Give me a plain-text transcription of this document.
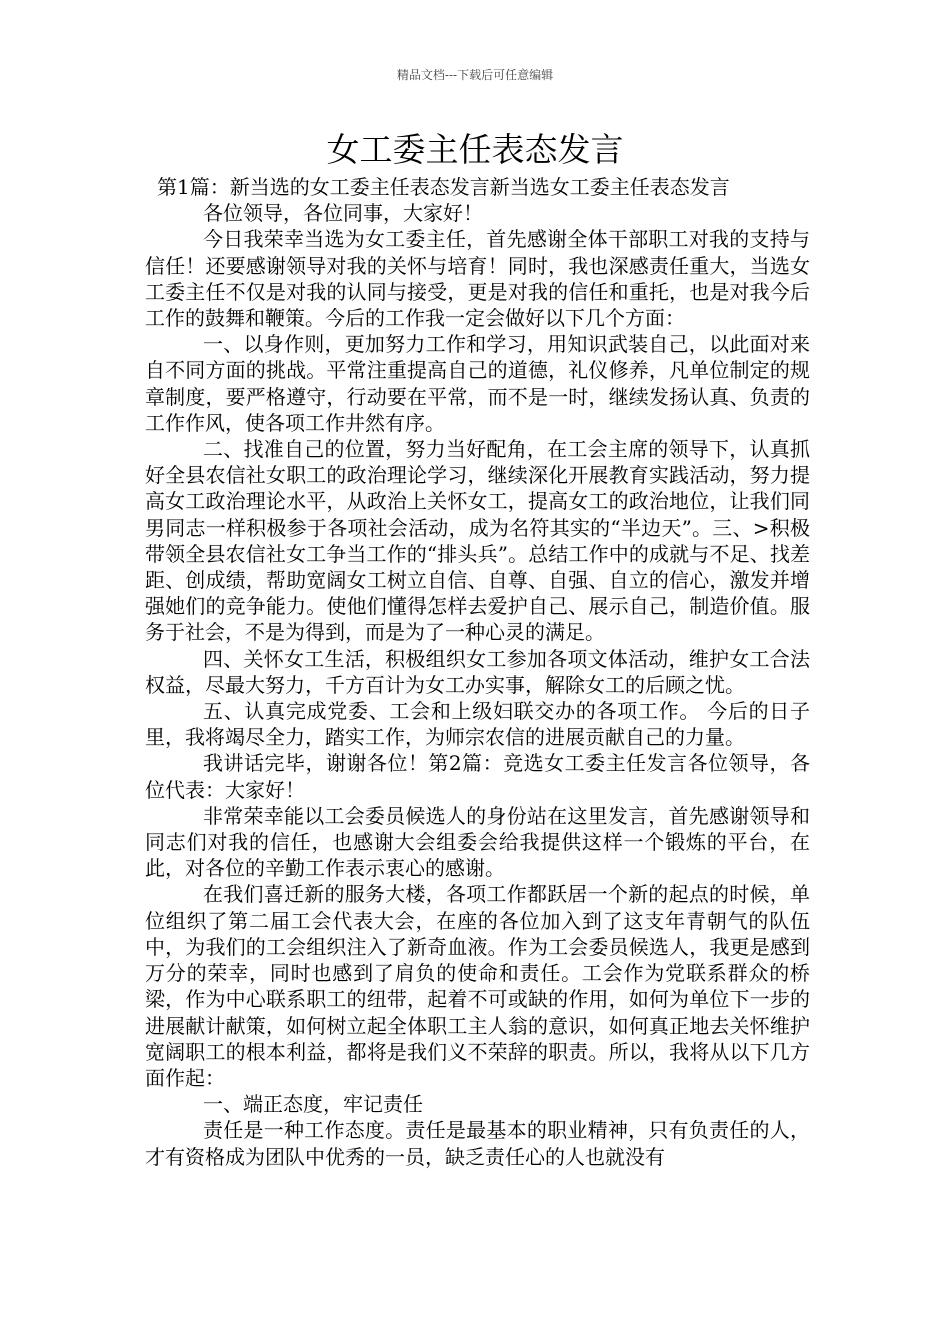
精品文档---下载后可任意编辑
女工委主任表态发言

第1篇：新当选的女工委主任表态发言新当选女工委主任表态发言

各位领导，各位同事，大家好！

今日我荣幸当选为女工委主任，首先感谢全体干部职工对我的支持与信任！还要感谢领导对我的关怀与培育！同时，我也深感责任重大，当选女工委主任不仅是对我的认同与接受，更是对我的信任和重托，也是对我今后工作的鼓舞和鞭策。今后的工作我一定会做好以下几个方面：

一、以身作则，更加努力工作和学习，用知识武装自己，以此面对来自不同方面的挑战。平常注重提高自己的道德，礼仪修养，凡单位制定的规章制度，要严格遵守，行动要在平常，而不是一时，继续发扬认真、负责的工作作风，使各项工作井然有序。

二、找准自己的位置，努力当好配角，在工会主席的领导下，认真抓好全县农信社女职工的政治理论学习，继续深化开展教育实践活动，努力提高女工政治理论水平，从政治上关怀女工，提高女工的政治地位，让我们同男同志一样积极参于各项社会活动，成为名符其实的“半边天”。三、>积极带领全县农信社女工争当工作的“排头兵”。总结工作中的成就与不足、找差距、创成绩，帮助宽阔女工树立自信、自尊、自强、自立的信心，激发并增强她们的竞争能力。使他们懂得怎样去爱护自己、展示自己，制造价值。服务于社会，不是为得到，而是为了一种心灵的满足。

四、关怀女工生活，积极组织女工参加各项文体活动，维护女工合法权益，尽最大努力，千方百计为女工办实事，解除女工的后顾之忧。

五、认真完成党委、工会和上级妇联交办的各项工作。 今后的日子里，我将竭尽全力，踏实工作，为师宗农信的进展贡献自己的力量。

我讲话完毕，谢谢各位！第2篇：竞选女工委主任发言各位领导，各位代表：大家好！

非常荣幸能以工会委员候选人的身份站在这里发言，首先感谢领导和同志们对我的信任，也感谢大会组委会给我提供这样一个锻炼的平台，在此，对各位的辛勤工作表示衷心的感谢。

在我们喜迁新的服务大楼，各项工作都跃居一个新的起点的时候，单位组织了第二届工会代表大会，在座的各位加入到了这支年青朝气的队伍中，为我们的工会组织注入了新奇血液。作为工会委员候选人，我更是感到万分的荣幸，同时也感到了肩负的使命和责任。工会作为党联系群众的桥梁，作为中心联系职工的纽带，起着不可或缺的作用，如何为单位下一步的进展献计献策，如何树立起全体职工主人翁的意识，如何真正地去关怀维护宽阔职工的根本利益，都将是我们义不荣辞的职责。所以，我将从以下几方面作起：

一、端正态度，牢记责任

责任是一种工作态度。责任是最基本的职业精神，只有负责任的人，才有资格成为团队中优秀的一员，缺乏责任心的人也就没有
